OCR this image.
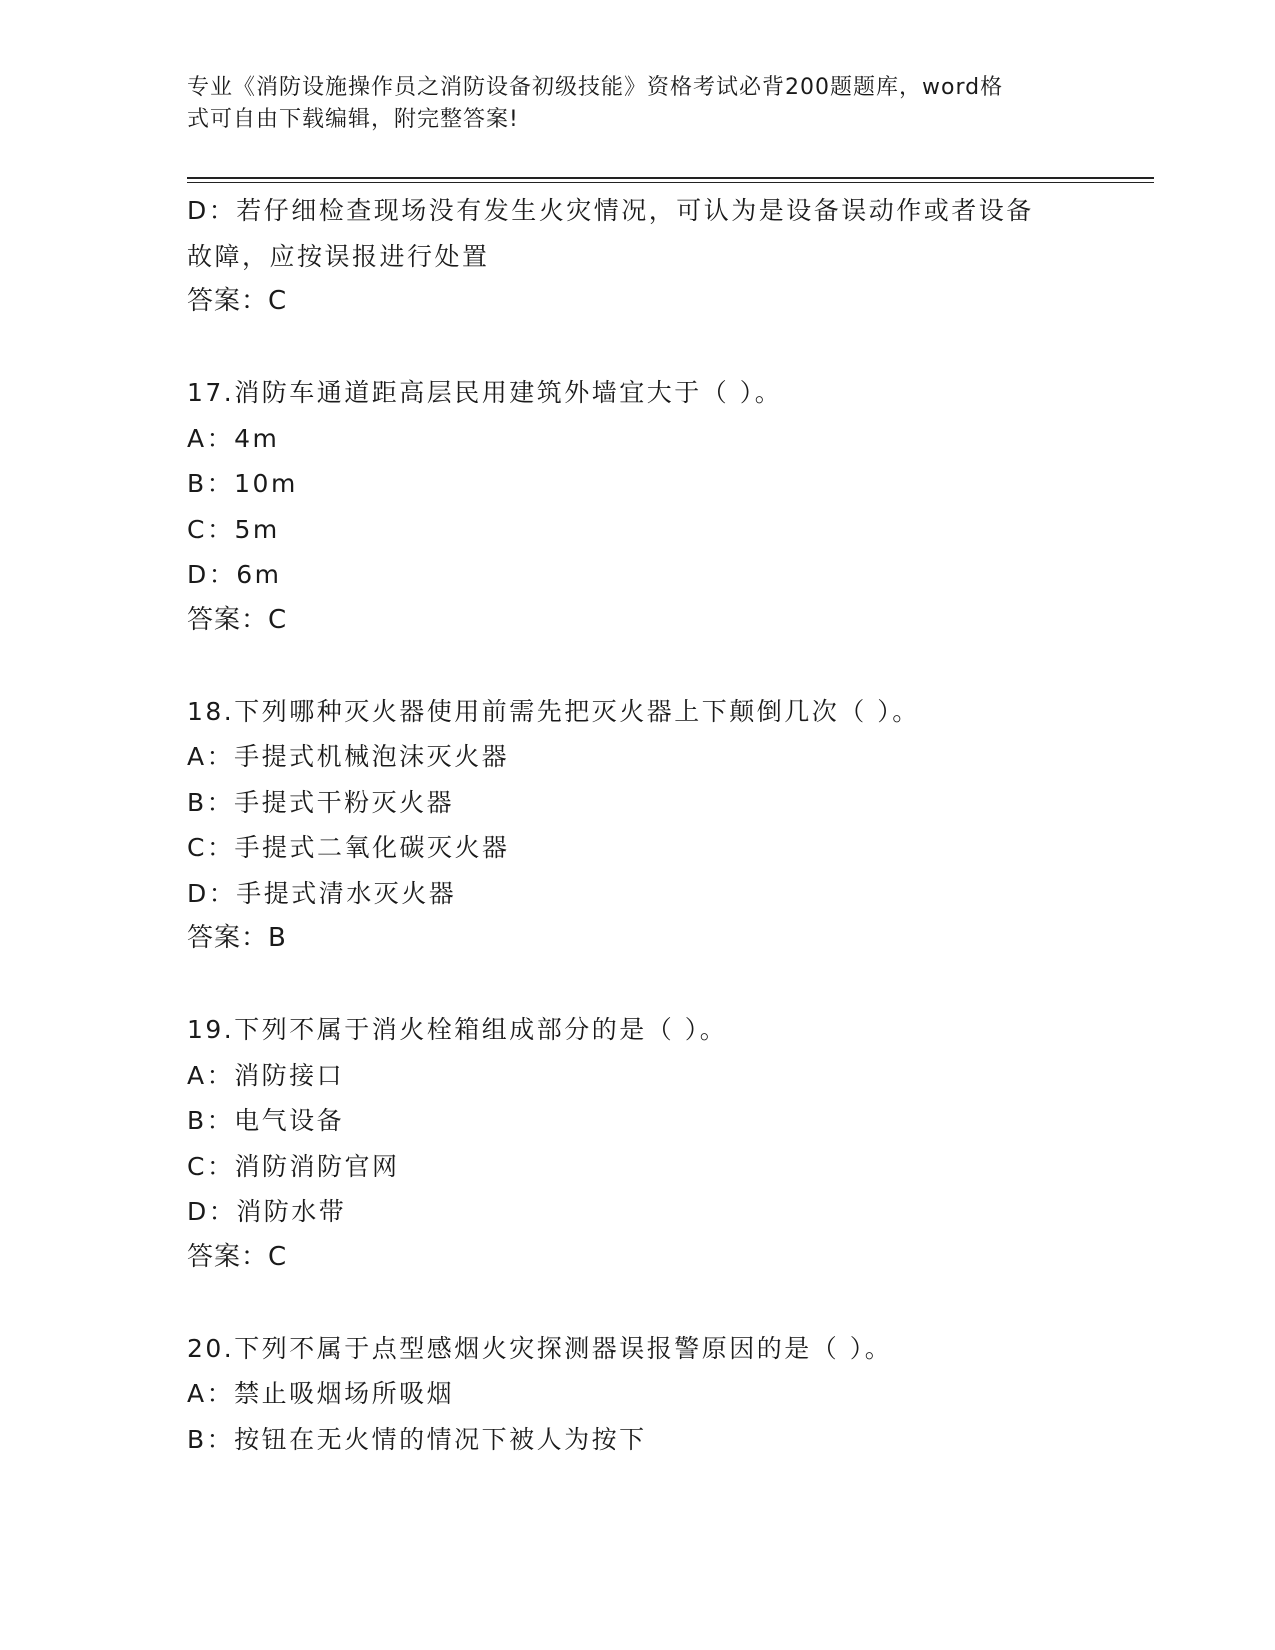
专业《消防设施操作员之消防设备初级技能》资格考试必背200题题库，word格
式可自由下载编辑，附完整答案!
D：若仔细检查现场没有发生火灾情况，可认为是设备误动作或者设备
故障，应按误报进行处置
答案：C
17.消防车通道距高层民用建筑外墙宜大于（ ）。
A：4m
B：10m
C：5m
D：6m
答案：C
18.下列哪种灭火器使用前需先把灭火器上下颠倒几次（ ）。
A：手提式机械泡沫灭火器
B：手提式干粉灭火器
C：手提式二氧化碳灭火器
D：手提式清水灭火器
答案：B
19.下列不属于消火栓箱组成部分的是（ ）。
A：消防接口
B：电气设备
C：消防消防官网
D：消防水带
答案：C
20.下列不属于点型感烟火灾探测器误报警原因的是（ ）。
A：禁止吸烟场所吸烟
B：按钮在无火情的情况下被人为按下
